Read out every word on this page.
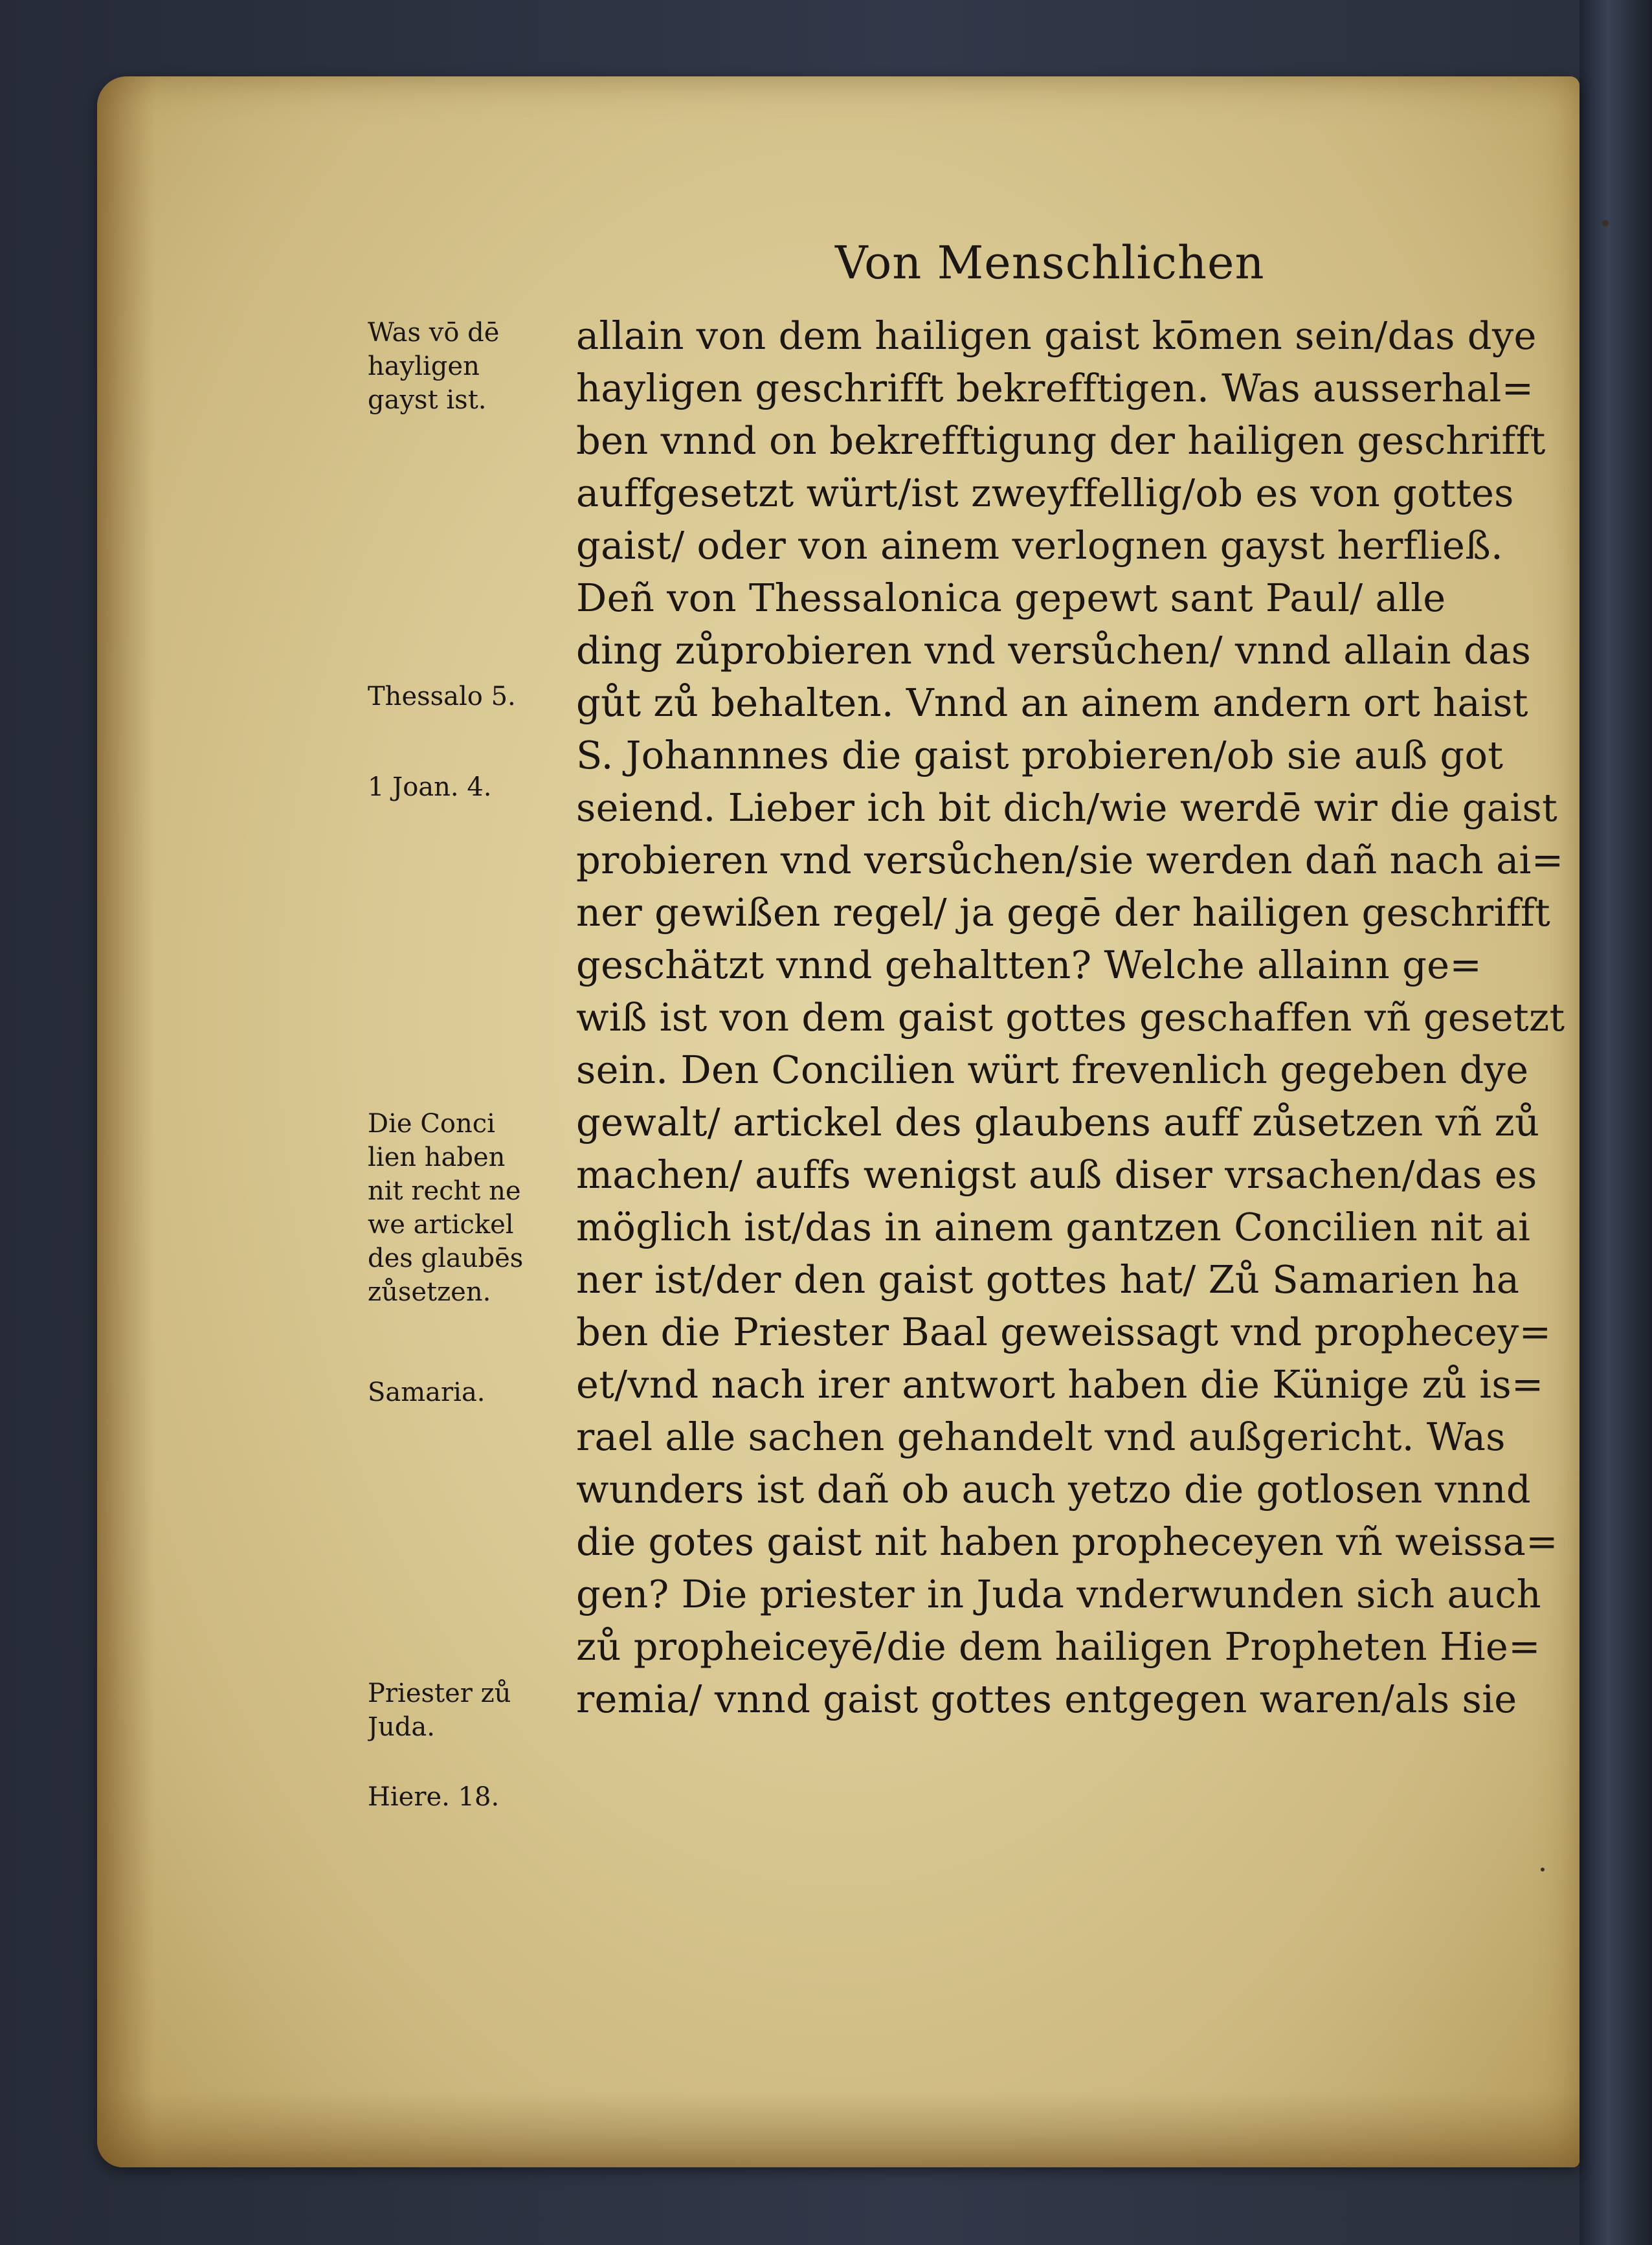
Von Menschlichen
allain von dem hailigen gaist kōmen sein/das dye
hayligen geschrifft bekrefftigen. Was ausserhal=
ben vnnd on bekrefftigung der hailigen geschrifft
auffgesetzt würt/ist zweyffellig/ob es von gottes
gaist/ oder von ainem verlognen gayst herfließ.
Deñ von Thessalonica gepewt sant Paul/ alle
ding zůprobieren vnd versůchen/ vnnd allain das
gůt zů behalten. Vnnd an ainem andern ort haist
S. Johannnes die gaist probieren/ob sie auß got
seiend. Lieber ich bit dich/wie werdē wir die gaist
probieren vnd versůchen/sie werden dañ nach ai=
ner gewißen regel/ ja gegē der hailigen geschrifft
geschätzt vnnd gehaltten? Welche allainn ge=
wiß ist von dem gaist gottes geschaffen vñ gesetzt
sein. Den Concilien würt frevenlich gegeben dye
gewalt/ artickel des glaubens auff zůsetzen vñ zů
machen/ auffs wenigst auß diser vrsachen/das es
möglich ist/das in ainem gantzen Concilien nit ai
ner ist/der den gaist gottes hat/ Zů Samarien ha
ben die Priester Baal geweissagt vnd prophecey=
et/vnd nach irer antwort haben die Künige zů is=
rael alle sachen gehandelt vnd außgericht. Was
wunders ist dañ ob auch yetzo die gotlosen vnnd
die gotes gaist nit haben propheceyen vñ weissa=
gen? Die priester in Juda vnderwunden sich auch
zů propheiceyē/die dem hailigen Propheten Hie=
remia/ vnnd gaist gottes entgegen waren/als sie
Was vō dē
hayligen
gayst ist.
Thessalo 5.
1 Joan. 4.
Die Conci
lien haben
nit recht ne
we artickel
des glaubēs
zůsetzen.
Samaria.
Priester zů
Juda.
Hiere. 18.
